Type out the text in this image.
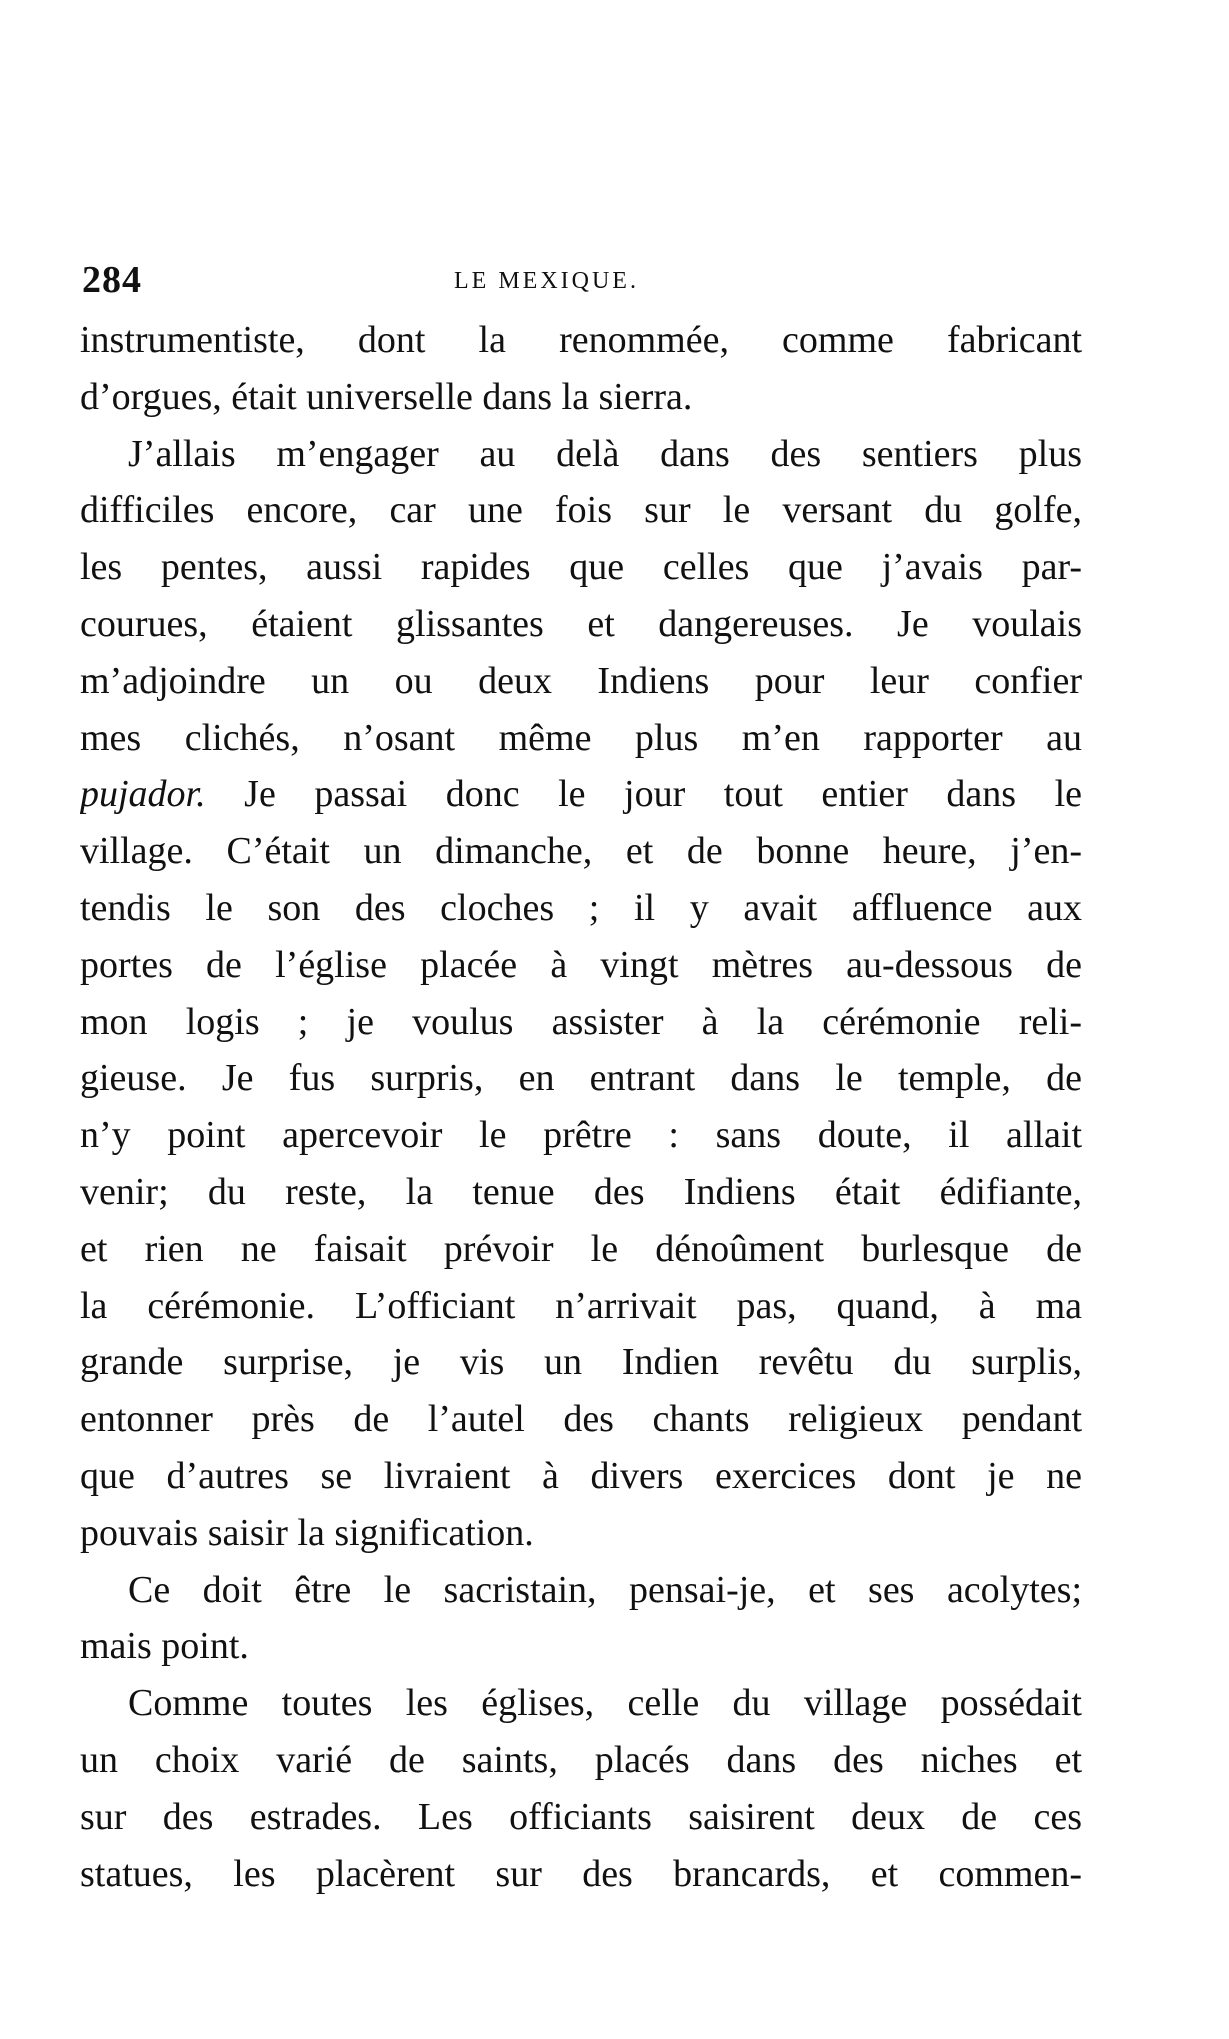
284	LE MEXIQUE.
instrumentiste, dont la renommée, comme fabricant
d’orgues, était universelle dans la sierra.
J’allais m’engager au delà dans des sentiers plus
difficiles encore, car une fois sur le versant du golfe,
les pentes, aussi rapides que celles que j’avais par-
courues, étaient glissantes et dangereuses. Je voulais
m’adjoindre un ou deux Indiens pour leur confier
mes clichés, n’osant même plus m’en rapporter au
pujador. Je passai donc le jour tout entier dans le
village. C’était un dimanche, et de bonne heure, j’en-
tendis le son des cloches ; il y avait affluence aux
portes de l’église placée à vingt mètres au-dessous de
mon logis ; je voulus assister à la cérémonie reli-
gieuse. Je fus surpris, en entrant dans le temple, de
n’y point apercevoir le prêtre : sans doute, il allait
venir; du reste, la tenue des Indiens était édifiante,
et rien ne faisait prévoir le dénoûment burlesque de
la cérémonie. L’officiant n’arrivait pas, quand, à ma
grande surprise, je vis un Indien revêtu du surplis,
entonner près de l’autel des chants religieux pendant
que d’autres se livraient à divers exercices dont je ne
pouvais saisir la signification.
Ce doit être le sacristain, pensai-je, et ses acolytes;
mais point.
Comme toutes les églises, celle du village possédait
un choix varié de saints, placés dans des niches et
sur des estrades. Les officiants saisirent deux de ces
statues, les placèrent sur des brancards, et commen-
